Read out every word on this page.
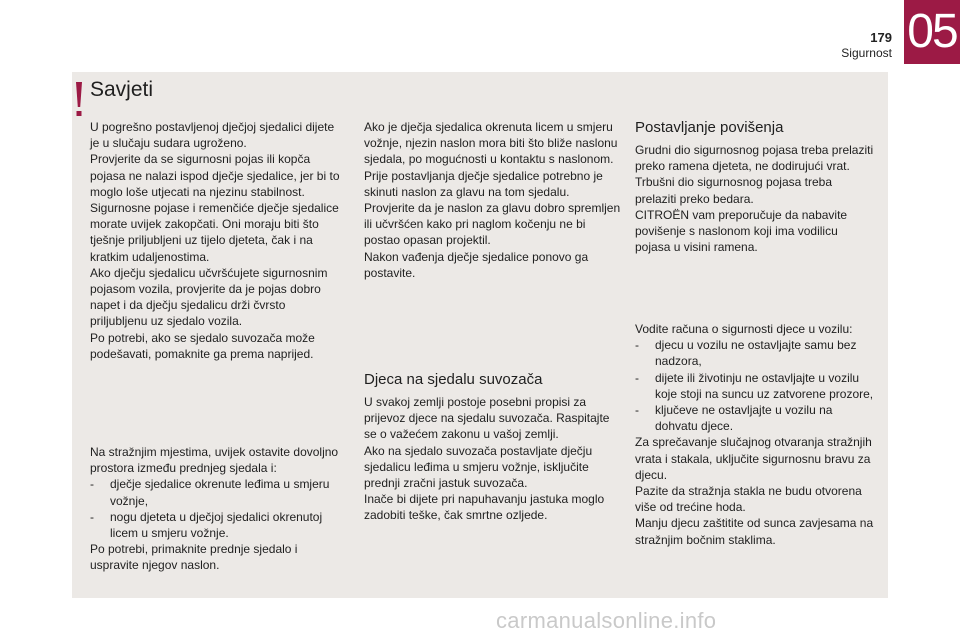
179
Sigurnost 05
Savjeti

U pogrešno postavljenoj dječjoj sjedalici dijete je u slučaju sudara ugroženo.

Provjerite da se sigurnosni pojas ili kopča pojasa ne nalazi ispod dječje sjedalice, jer bi to moglo loše utjecati na njezinu stabilnost.

Sigurnosne pojase i remenčiće dječje sjedalice morate uvijek zakopčati. Oni moraju biti što tješnje priljubljeni uz tijelo djeteta, čak i na kratkim udaljenostima.

Ako dječju sjedalicu učvršćujete sigurnosnim pojasom vozila, provjerite da je pojas dobro napet i da dječju sjedalicu drži čvrsto priljubljenu uz sjedalo vozila.

Po potrebi, ako se sjedalo suvozača može podešavati, pomaknite ga prema naprijed.

Na stražnjim mjestima, uvijek ostavite dovoljno prostora između prednjeg sjedala i:

-	dječje sjedalice okrenute leđima u smjeru vožnje,
-	nogu djeteta u dječjoj sjedalici okrenutoj licem u smjeru vožnje.

Po potrebi, primaknite prednje sjedalo i uspravite njegov naslon.

Ako je dječja sjedalica okrenuta licem u smjeru vožnje, njezin naslon mora biti što bliže naslonu sjedala, po mogućnosti u kontaktu s naslonom.

Prije postavljanja dječje sjedalice potrebno je skinuti naslon za glavu na tom sjedalu.

Provjerite da je naslon za glavu dobro spremljen ili učvršćen kako pri naglom kočenju ne bi postao opasan projektil.

Nakon vađenja dječje sjedalice ponovo ga postavite.

Djeca na sjedalu suvozača

U svakoj zemlji postoje posebni propisi za prijevoz djece na sjedalu suvozača. Raspitajte se o važećem zakonu u vašoj zemlji.

Ako na sjedalo suvozača postavljate dječju sjedalicu leđima u smjeru vožnje, isključite prednji zračni jastuk suvozača.

Inače bi dijete pri napuhavanju jastuka moglo zadobiti teške, čak smrtne ozljede.

Postavljanje povišenja

Grudni dio sigurnosnog pojasa treba prelaziti preko ramena djeteta, ne dodirujući vrat.

Trbušni dio sigurnosnog pojasa treba prelaziti preko bedara.

CITROËN vam preporučuje da nabavite povišenje s naslonom koji ima vodilicu pojasa u visini ramena.

Vodite računa o sigurnosti djece u vozilu:

-	djecu u vozilu ne ostavljajte samu bez nadzora,
-	dijete ili životinju ne ostavljajte u vozilu koje stoji na suncu uz zatvorene prozore,
-	ključeve ne ostavljajte u vozilu na dohvatu djece.

Za sprečavanje slučajnog otvaranja stražnjih vrata i stakala, uključite sigurnosnu bravu za djecu.

Pazite da stražnja stakla ne budu otvorena više od trećine hoda.

Manju djecu zaštitite od sunca zavjesama na stražnjim bočnim staklima.

carmanualsonline.info
